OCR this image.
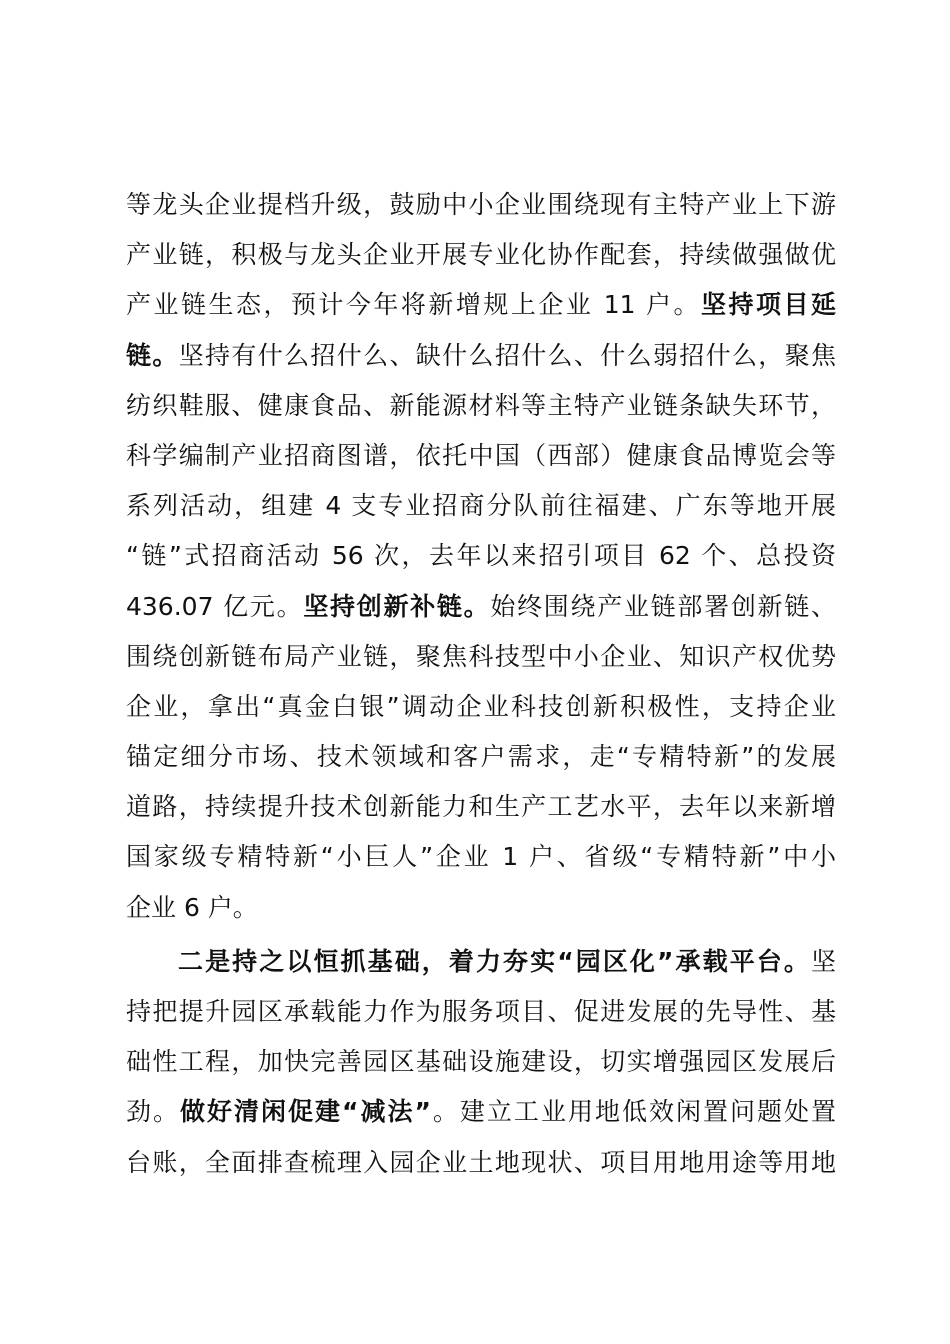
等龙头企业提档升级，鼓励中小企业围绕现有主特产业上下游
产业链，积极与龙头企业开展专业化协作配套，持续做强做优
产业链生态，预计今年将新增规上企业 11 户。坚持项目延
链。坚持有什么招什么、缺什么招什么、什么弱招什么，聚焦
纺织鞋服、健康食品、新能源材料等主特产业链条缺失环节，
科学编制产业招商图谱，依托中国（西部）健康食品博览会等
系列活动，组建 4 支专业招商分队前往福建、广东等地开展
“链”式招商活动 56 次，去年以来招引项目 62 个、总投资
436.07 亿元。坚持创新补链。始终围绕产业链部署创新链、
围绕创新链布局产业链，聚焦科技型中小企业、知识产权优势
企业，拿出“真金白银”调动企业科技创新积极性，支持企业
锚定细分市场、技术领域和客户需求，走“专精特新”的发展
道路，持续提升技术创新能力和生产工艺水平，去年以来新增
国家级专精特新“小巨人”企业 1 户、省级“专精特新”中小
企业 6 户。
二是持之以恒抓基础，着力夯实“园区化”承载平台。坚
持把提升园区承载能力作为服务项目、促进发展的先导性、基
础性工程，加快完善园区基础设施建设，切实增强园区发展后
劲。做好清闲促建“减法”。建立工业用地低效闲置问题处置
台账，全面排查梳理入园企业土地现状、项目用地用途等用地
